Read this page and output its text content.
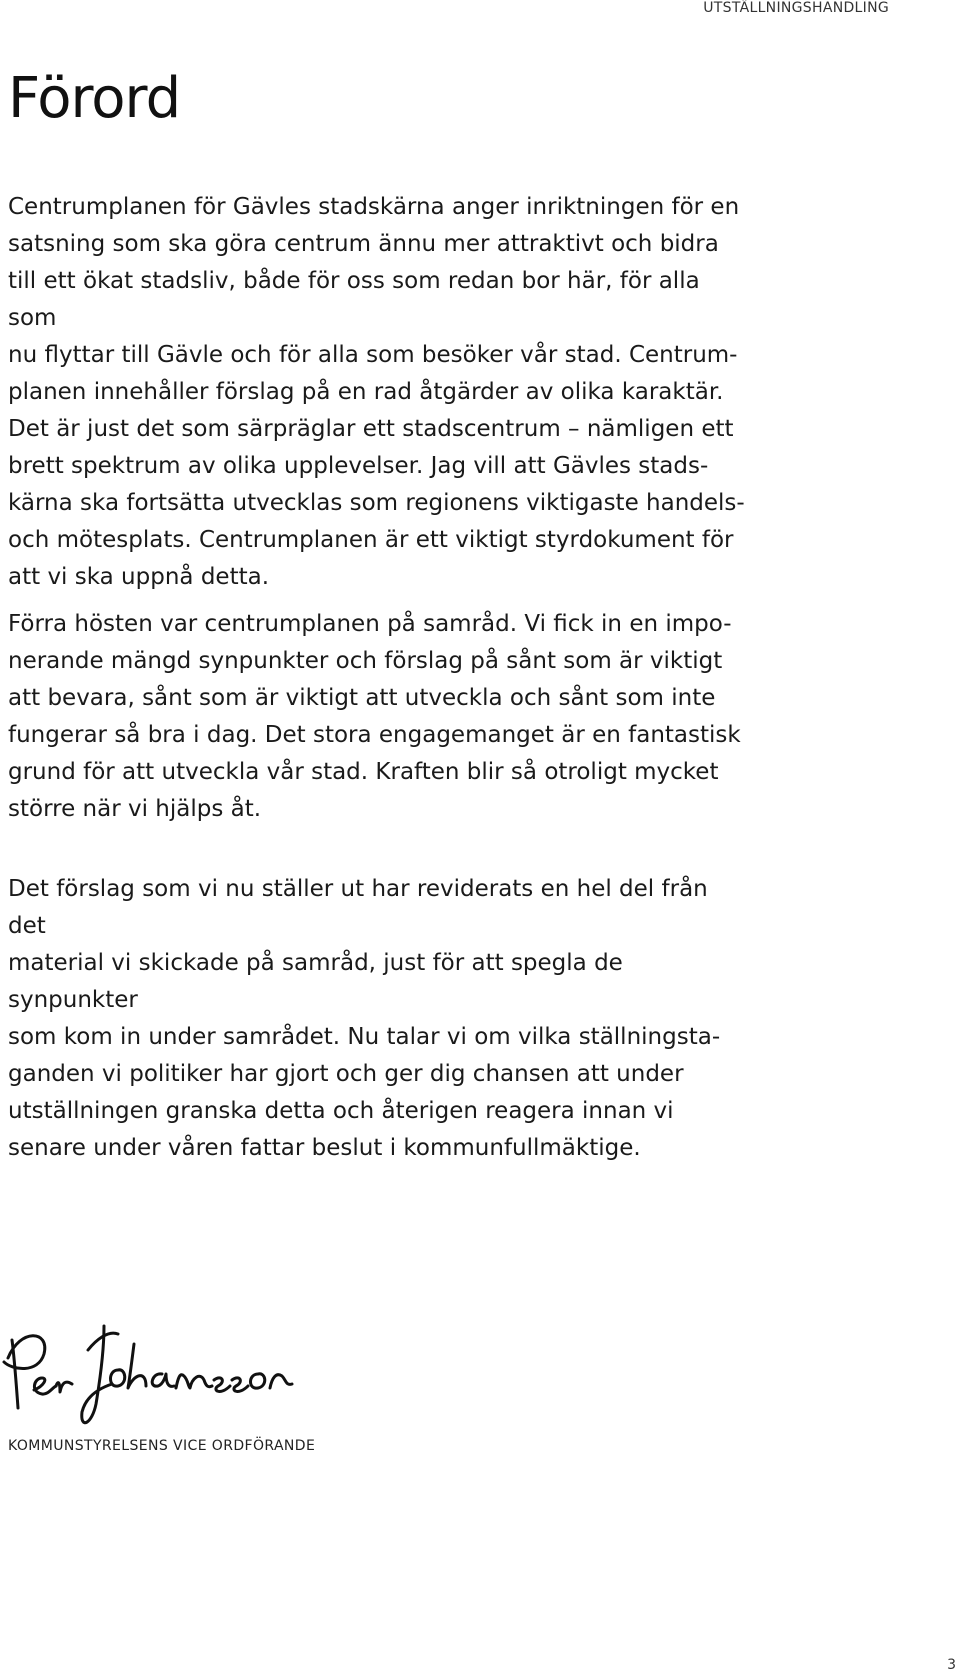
UTSTÄLLNINGSHANDLING
Förord

Centrumplanen för Gävles stadskärna anger inriktningen för en
satsning som ska göra centrum ännu mer attraktivt och bidra
till ett ökat stadsliv, både för oss som redan bor här, för alla som
nu flyttar till Gävle och för alla som besöker vår stad. Centrum-
planen innehåller förslag på en rad åtgärder av olika karaktär.
Det är just det som särpräglar ett stadscentrum – nämligen ett
brett spektrum av olika upplevelser. Jag vill att Gävles stads-
kärna ska fortsätta utvecklas som regionens viktigaste handels-
och mötesplats. Centrumplanen är ett viktigt styrdokument för
att vi ska uppnå detta.

Förra hösten var centrumplanen på samråd. Vi fick in en impo-
nerande mängd synpunkter och förslag på sånt som är viktigt
att bevara, sånt som är viktigt att utveckla och sånt som inte
fungerar så bra i dag. Det stora engagemanget är en fantastisk
grund för att utveckla vår stad. Kraften blir så otroligt mycket
större när vi hjälps åt.

Det förslag som vi nu ställer ut har reviderats en hel del från det
material vi skickade på samråd, just för att spegla de synpunkter
som kom in under samrådet. Nu talar vi om vilka ställningsta-
ganden vi politiker har gjort och ger dig chansen att under
utställningen granska detta och återigen reagera innan vi
senare under våren fattar beslut i kommunfullmäktige.

KOMMUNSTYRELSENS VICE ORDFÖRANDE
3
